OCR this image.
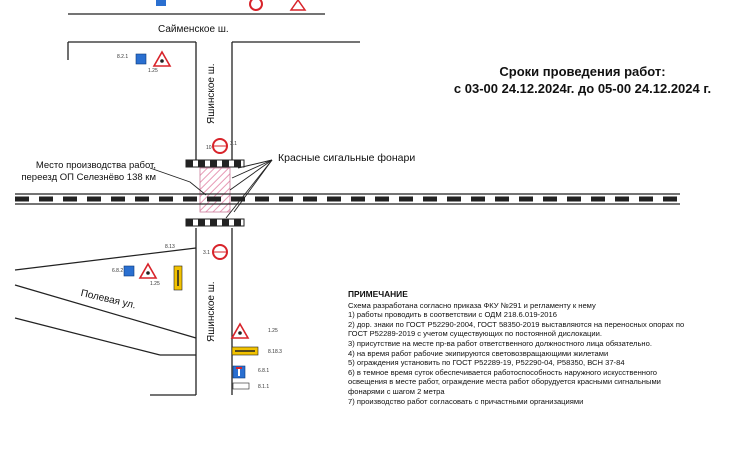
Сроки проведения работ:
с 03-00 24.12.2024г. до 05-00 24.12.2024 г.
Сайменское ш.
Яшинское ш.
Яшинское ш.
Полевая ул.
Место производства работ,
переезд ОП Селезнёво 138 км
Красные сигальные фонари
1.25
3.1
8.2.1
3.1
8.13
1.25
1.25
8.18.3
6.8.1
8.1.1
6.8.2
10
ПРИМЕЧАНИЕ
Схема разработана согласно приказа ФКУ №291 и регламенту к нему
1) работы проводить в соответствии с ОДМ 218.6.019-2016
2) дор. знаки по ГОСТ Р52290-2004, ГОСТ 58350-2019 выставляются на переносных опорах по ГОСТ Р52289-2019 с учетом существующих по постоянной дислокации.
3) присутствие на месте пр-ва работ ответственного должностного лица обязательно.
4) на время работ рабочие экипируются световозвращающими жилетами
5) ограждения установить по ГОСТ Р52289-19, Р52290-04, Р58350, ВСН 37-84
6) в темное время суток обеспечивается работоспособность наружного искусственного освещения в месте работ, ограждение места работ оборудуется красными сигнальными фонарями с шагом 2 метра
7) производство работ согласовать с причастными организациями
